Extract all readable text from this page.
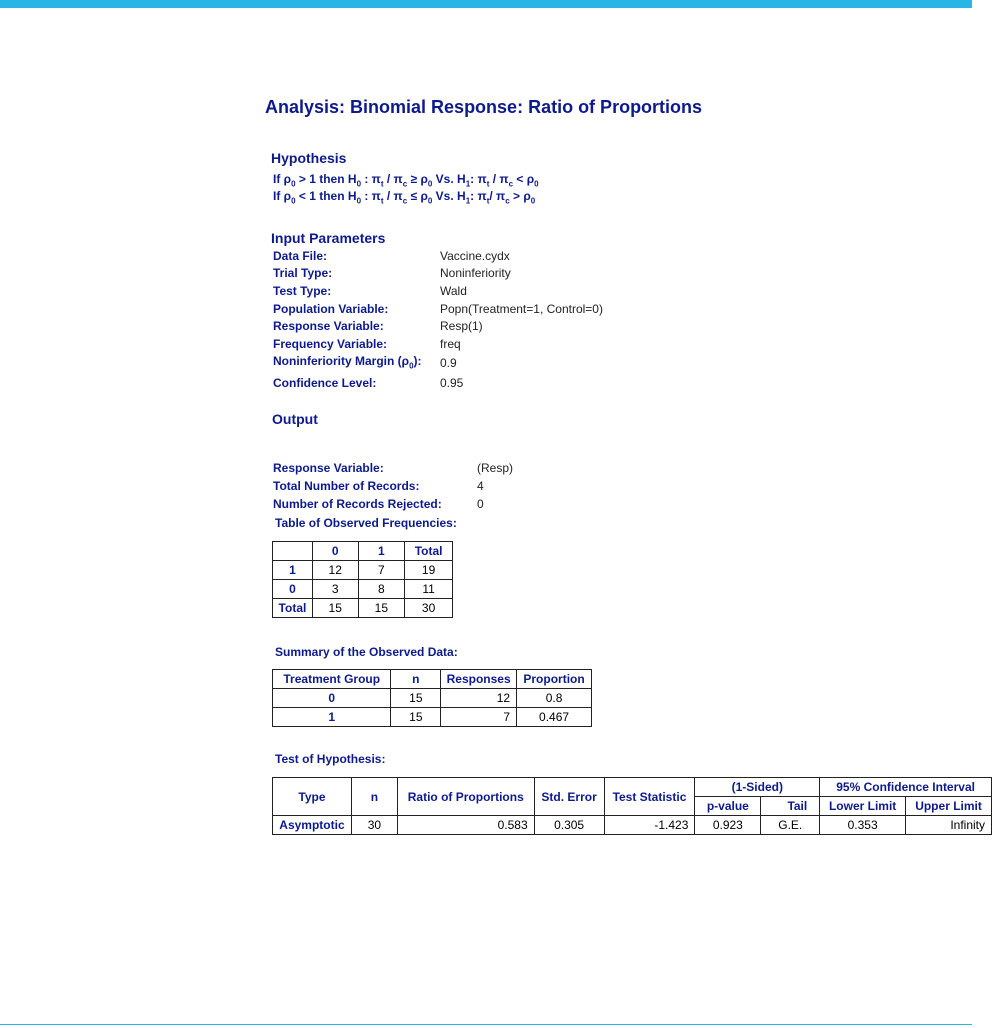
Analysis: Binomial Response: Ratio of Proportions
Hypothesis
If $\rho_0 > 1$ then $H_0$ : $\pi_t / \pi_c \ge \rho_0$ Vs. $H_1$: $\pi_t / \pi_c < \rho_0$
If $\rho_0 < 1$ then $H_0$ : $\pi_t / \pi_c \le \rho_0$ Vs. $H_1$: $\pi_t/$ $\pi_c > \rho_0$
Input Parameters
Data File:	Vaccine.cydx
Trial Type:	Noninferiority
Test Type:	Wald
Population Variable:	Popn(Treatment=1, Control=0)
Response Variable:	Resp(1)
Frequency Variable:	freq
Noninferiority Margin $(\rho_0)$: 0.9
Confidence Level:	0.95
Output
Response Variable:	(Resp)
Total Number of Records:	4
Number of Records Rejected:	0
Table of Observed Frequencies:
	0	1	Total
1	12	7	19
0	3	8	11
Total	15	15	30
Summary of the Observed Data:
Treatment Group	n	Responses	Proportion
0	15	12	0.8
1	15	7	0.467
Test of Hypothesis:
Type	n	Ratio of Proportions	Std. Error	Test Statistic	(1-Sided)		95% Confidence Interval	
					p-value	Tail	Lower Limit	Upper Limit
Asymptotic	30	0.583	0.305	-1.423	0.923	G.E.	0.353	Infinity
